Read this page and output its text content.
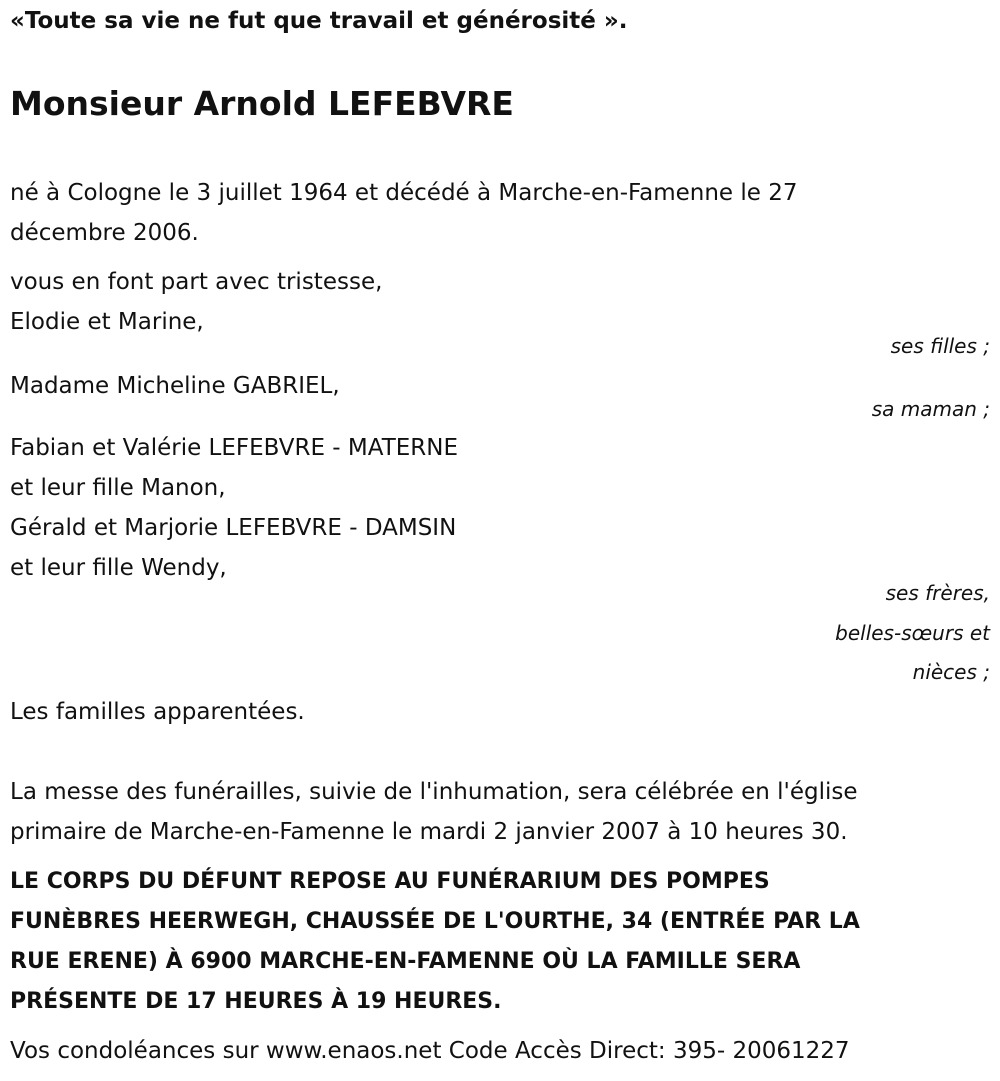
«Toute sa vie ne fut que travail et générosité ».
Monsieur Arnold LEFEBVRE
né à Cologne le 3 juillet 1964 et décédé à Marche-en-Famenne le 27
décembre 2006.
vous en font part avec tristesse,
Elodie et Marine,
ses filles ;
Madame Micheline GABRIEL,
sa maman ;
Fabian et Valérie LEFEBVRE - MATERNE
et leur fille Manon,
Gérald et Marjorie LEFEBVRE - DAMSIN
et leur fille Wendy,
ses frères,
belles-sœurs et
nièces ;
Les familles apparentées.
La messe des funérailles, suivie de l'inhumation, sera célébrée en l'église
primaire de Marche-en-Famenne le mardi 2 janvier 2007 à 10 heures 30.
LE CORPS DU DÉFUNT REPOSE AU FUNÉRARIUM DES POMPES
FUNÈBRES HEERWEGH, CHAUSSÉE DE L'OURTHE, 34 (ENTRÉE PAR LA
RUE ERENE) À 6900 MARCHE-EN-FAMENNE OÙ LA FAMILLE SERA
PRÉSENTE DE 17 HEURES À 19 HEURES.
Vos condoléances sur www.enaos.net Code Accès Direct: 395- 20061227
